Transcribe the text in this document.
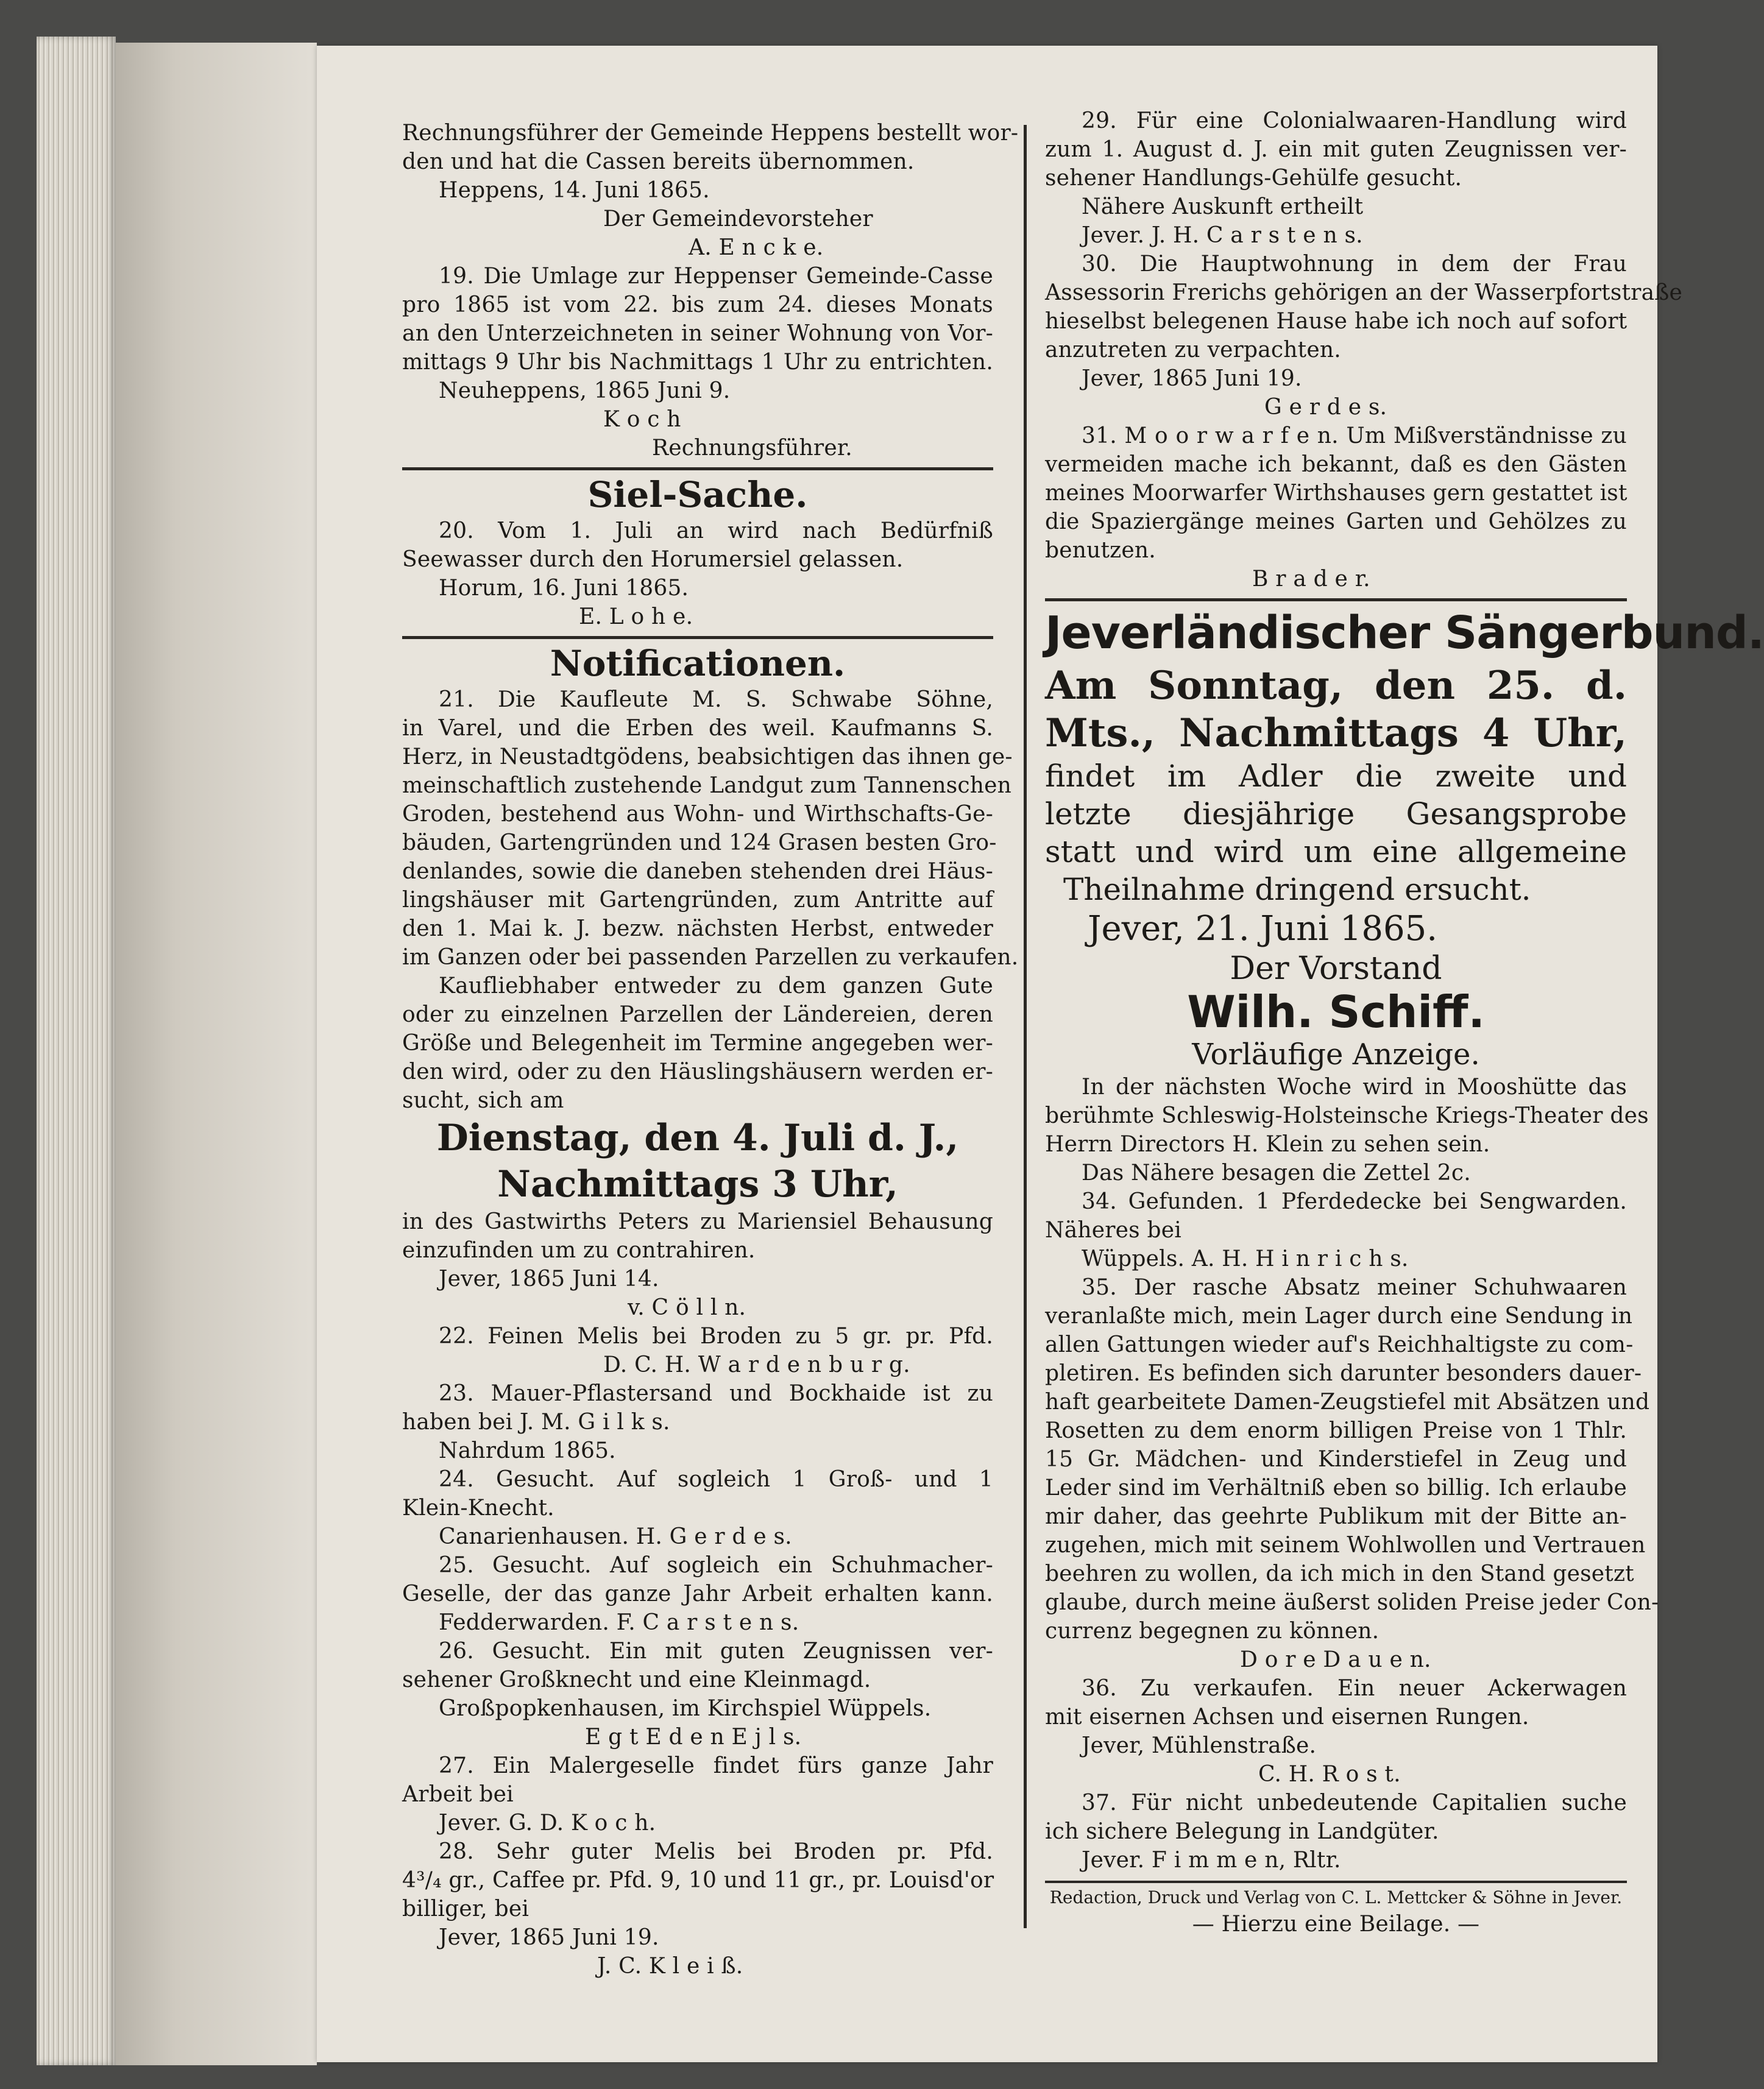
Rechnungsführer der Gemeinde Heppens bestellt wor-
den und hat die Cassen bereits übernommen.
Heppens, 14. Juni 1865.
Der Gemeindevorsteher
A. E n c k e.
19. Die Umlage zur Heppenser Gemeinde-Casse
pro 1865 ist vom 22. bis zum 24. dieses Monats
an den Unterzeichneten in seiner Wohnung von Vor-
mittags 9 Uhr bis Nachmittags 1 Uhr zu entrichten.
Neuheppens, 1865 Juni 9.
K o c h
Rechnungsführer.
Siel-Sache.
20. Vom 1. Juli an wird nach Bedürfniß
Seewasser durch den Horumersiel gelassen.
Horum, 16. Juni 1865.
E. L o h e.
Notificationen.
21. Die Kaufleute M. S. Schwabe Söhne,
in Varel, und die Erben des weil. Kaufmanns S.
Herz, in Neustadtgödens, beabsichtigen das ihnen ge-
meinschaftlich zustehende Landgut zum Tannenschen
Groden, bestehend aus Wohn- und Wirthschafts-Ge-
bäuden, Gartengründen und 124 Grasen besten Gro-
denlandes, sowie die daneben stehenden drei Häus-
lingshäuser mit Gartengründen, zum Antritte auf
den 1. Mai k. J. bezw. nächsten Herbst, entweder
im Ganzen oder bei passenden Parzellen zu verkaufen.
Kaufliebhaber entweder zu dem ganzen Gute
oder zu einzelnen Parzellen der Ländereien, deren
Größe und Belegenheit im Termine angegeben wer-
den wird, oder zu den Häuslingshäusern werden er-
sucht, sich am
Dienstag, den 4. Juli d. J.,
Nachmittags 3 Uhr,
in des Gastwirths Peters zu Mariensiel Behausung
einzufinden um zu contrahiren.
Jever, 1865 Juni 14.
v. C ö l l n.
22. Feinen Melis bei Broden zu 5 gr. pr. Pfd.
D. C. H. W a r d e n b u r g.
23. Mauer-Pflastersand und Bockhaide ist zu
haben bei J. M. G i l k s.
Nahrdum 1865.
24. Gesucht. Auf sogleich 1 Groß- und 1
Klein-Knecht.
Canarienhausen. H. G e r d e s.
25. Gesucht. Auf sogleich ein Schuhmacher-
Geselle, der das ganze Jahr Arbeit erhalten kann.
Fedderwarden. F. C a r s t e n s.
26. Gesucht. Ein mit guten Zeugnissen ver-
sehener Großknecht und eine Kleinmagd.
Großpopkenhausen, im Kirchspiel Wüppels.
E g t E d e n E j l s.
27. Ein Malergeselle findet fürs ganze Jahr
Arbeit bei
Jever. G. D. K o c h.
28. Sehr guter Melis bei Broden pr. Pfd.
4³/₄ gr., Caffee pr. Pfd. 9, 10 und 11 gr., pr. Louisd'or
billiger, bei
Jever, 1865 Juni 19.
J. C. K l e i ß.
29. Für eine Colonialwaaren-Handlung wird
zum 1. August d. J. ein mit guten Zeugnissen ver-
sehener Handlungs-Gehülfe gesucht.
Nähere Auskunft ertheilt
Jever. J. H. C a r s t e n s.
30. Die Hauptwohnung in dem der Frau
Assessorin Frerichs gehörigen an der Wasserpfortstraße
hieselbst belegenen Hause habe ich noch auf sofort
anzutreten zu verpachten.
Jever, 1865 Juni 19.
G e r d e s.
31. M o o r w a r f e n. Um Mißverständnisse zu
vermeiden mache ich bekannt, daß es den Gästen
meines Moorwarfer Wirthshauses gern gestattet ist
die Spaziergänge meines Garten und Gehölzes zu
benutzen.
B r a d e r.
Jeverländischer Sängerbund.
Am Sonntag, den 25. d.
Mts., Nachmittags 4 Uhr,
findet im Adler die zweite und
letzte diesjährige Gesangsprobe
statt und wird um eine allgemeine
Theilnahme dringend ersucht.
Jever, 21. Juni 1865.
Der Vorstand
Wilh. Schiff.
Vorläufige Anzeige.
In der nächsten Woche wird in Mooshütte das
berühmte Schleswig-Holsteinsche Kriegs-Theater des
Herrn Directors H. Klein zu sehen sein.
Das Nähere besagen die Zettel 2c.
34. Gefunden. 1 Pferdedecke bei Sengwarden.
Näheres bei
Wüppels. A. H. H i n r i c h s.
35. Der rasche Absatz meiner Schuhwaaren
veranlaßte mich, mein Lager durch eine Sendung in
allen Gattungen wieder auf's Reichhaltigste zu com-
pletiren. Es befinden sich darunter besonders dauer-
haft gearbeitete Damen-Zeugstiefel mit Absätzen und
Rosetten zu dem enorm billigen Preise von 1 Thlr.
15 Gr. Mädchen- und Kinderstiefel in Zeug und
Leder sind im Verhältniß eben so billig. Ich erlaube
mir daher, das geehrte Publikum mit der Bitte an-
zugehen, mich mit seinem Wohlwollen und Vertrauen
beehren zu wollen, da ich mich in den Stand gesetzt
glaube, durch meine äußerst soliden Preise jeder Con-
currenz begegnen zu können.
D o r e D a u e n.
36. Zu verkaufen. Ein neuer Ackerwagen
mit eisernen Achsen und eisernen Rungen.
Jever, Mühlenstraße.
C. H. R o s t.
37. Für nicht unbedeutende Capitalien suche
ich sichere Belegung in Landgüter.
Jever. F i m m e n, Rltr.
Redaction, Druck und Verlag von C. L. Mettcker & Söhne in Jever.
— Hierzu eine Beilage. —
